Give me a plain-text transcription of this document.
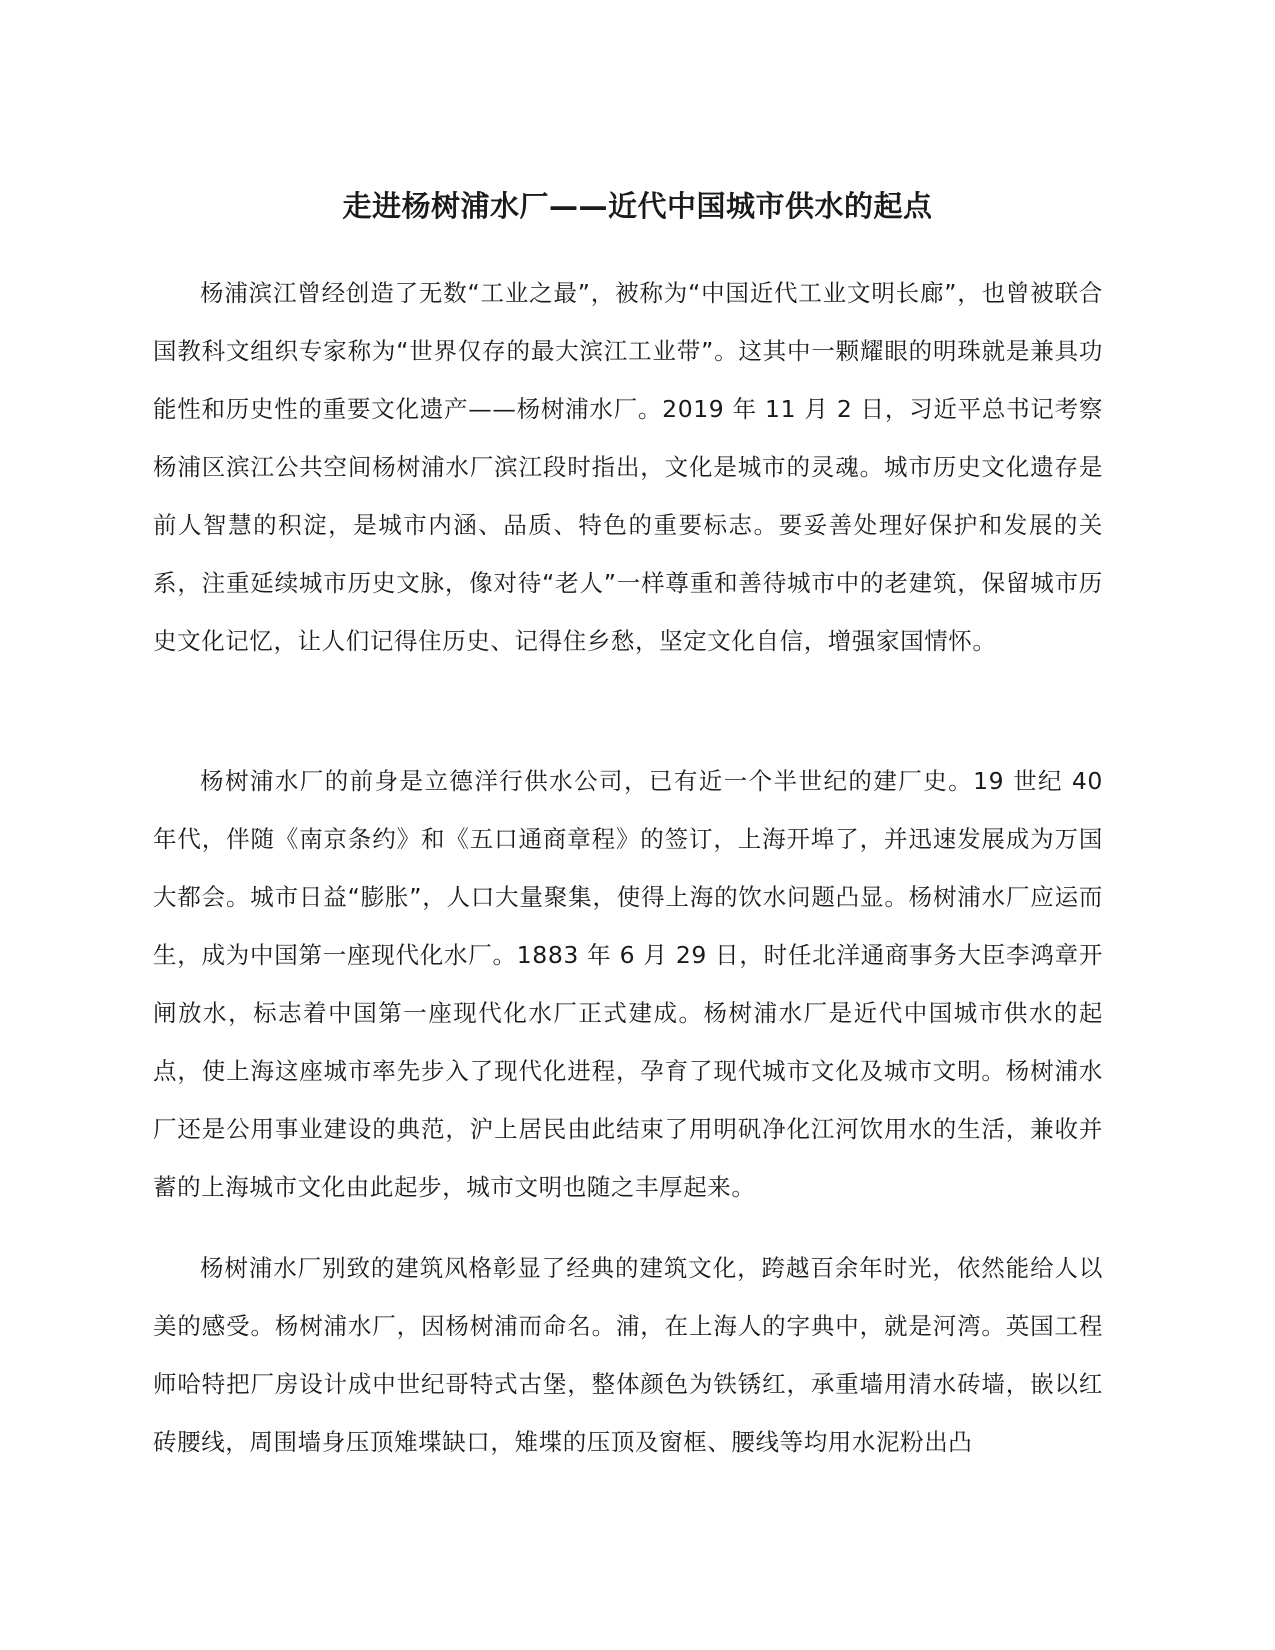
走进杨树浦水厂——近代中国城市供水的起点

杨浦滨江曾经创造了无数“工业之最”，被称为“中国近代工业文明长廊”，也曾被联合国教科文组织专家称为“世界仅存的最大滨江工业带”。这其中一颗耀眼的明珠就是兼具功能性和历史性的重要文化遗产——杨树浦水厂。2019 年 11 月 2 日，习近平总书记考察杨浦区滨江公共空间杨树浦水厂滨江段时指出，文化是城市的灵魂。城市历史文化遗存是前人智慧的积淀，是城市内涵、品质、特色的重要标志。要妥善处理好保护和发展的关系，注重延续城市历史文脉，像对待“老人”一样尊重和善待城市中的老建筑，保留城市历史文化记忆，让人们记得住历史、记得住乡愁，坚定文化自信，增强家国情怀。

杨树浦水厂的前身是立德洋行供水公司，已有近一个半世纪的建厂史。19 世纪 40 年代，伴随《南京条约》和《五口通商章程》的签订，上海开埠了，并迅速发展成为万国大都会。城市日益“膨胀”，人口大量聚集，使得上海的饮水问题凸显。杨树浦水厂应运而生，成为中国第一座现代化水厂。1883 年 6 月 29 日，时任北洋通商事务大臣李鸿章开闸放水，标志着中国第一座现代化水厂正式建成。杨树浦水厂是近代中国城市供水的起点，使上海这座城市率先步入了现代化进程，孕育了现代城市文化及城市文明。杨树浦水厂还是公用事业建设的典范，沪上居民由此结束了用明矾净化江河饮用水的生活，兼收并蓄的上海城市文化由此起步，城市文明也随之丰厚起来。

杨树浦水厂别致的建筑风格彰显了经典的建筑文化，跨越百余年时光，依然能给人以美的感受。杨树浦水厂，因杨树浦而命名。浦，在上海人的字典中，就是河湾。英国工程师哈特把厂房设计成中世纪哥特式古堡，整体颜色为铁锈红，承重墙用清水砖墙，嵌以红砖腰线，周围墙身压顶雉堞缺口，雉堞的压顶及窗框、腰线等均用水泥粉出凸
